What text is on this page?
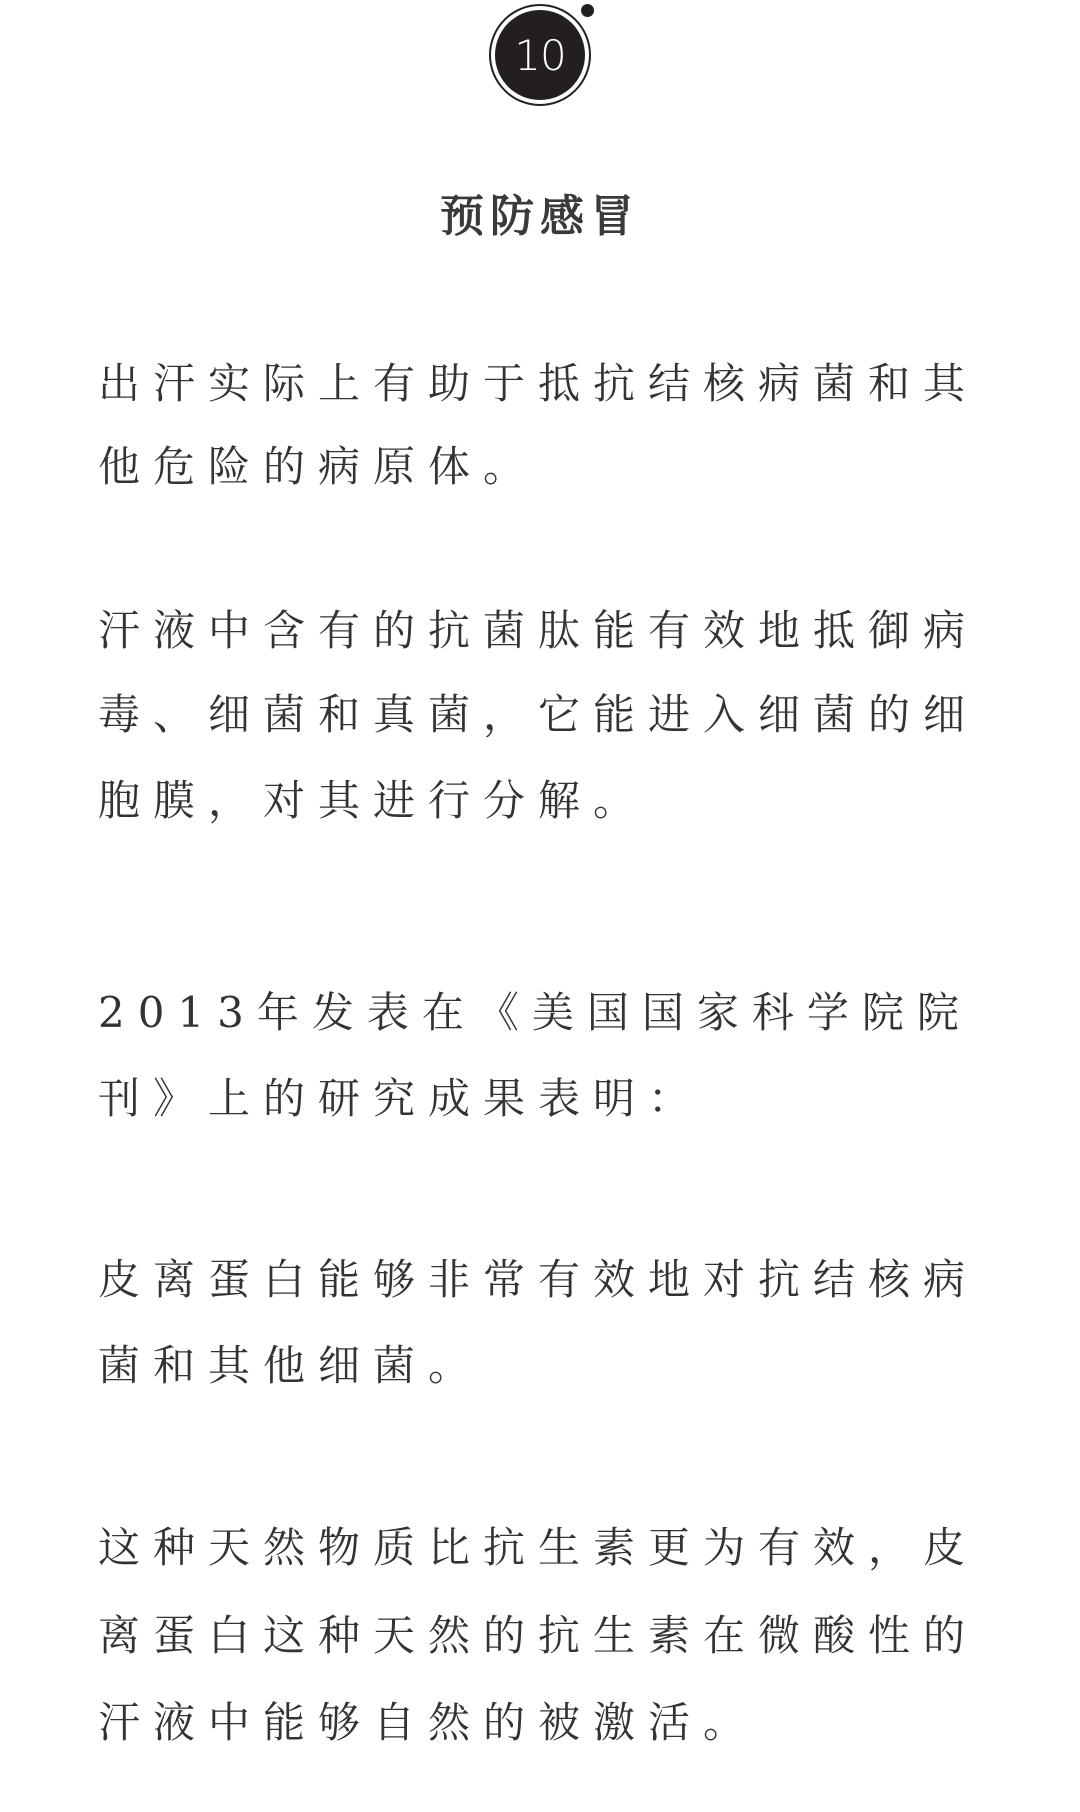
10
预防感冒
出汗实际上有助于抵抗结核病菌和其
他危险的病原体。
汗液中含有的抗菌肽能有效地抵御病
毒、细菌和真菌，它能进入细菌的细
胞膜，对其进行分解。
2013年发表在《美国国家科学院院
刊》上的研究成果表明：
皮离蛋白能够非常有效地对抗结核病
菌和其他细菌。
这种天然物质比抗生素更为有效，皮
离蛋白这种天然的抗生素在微酸性的
汗液中能够自然的被激活。
